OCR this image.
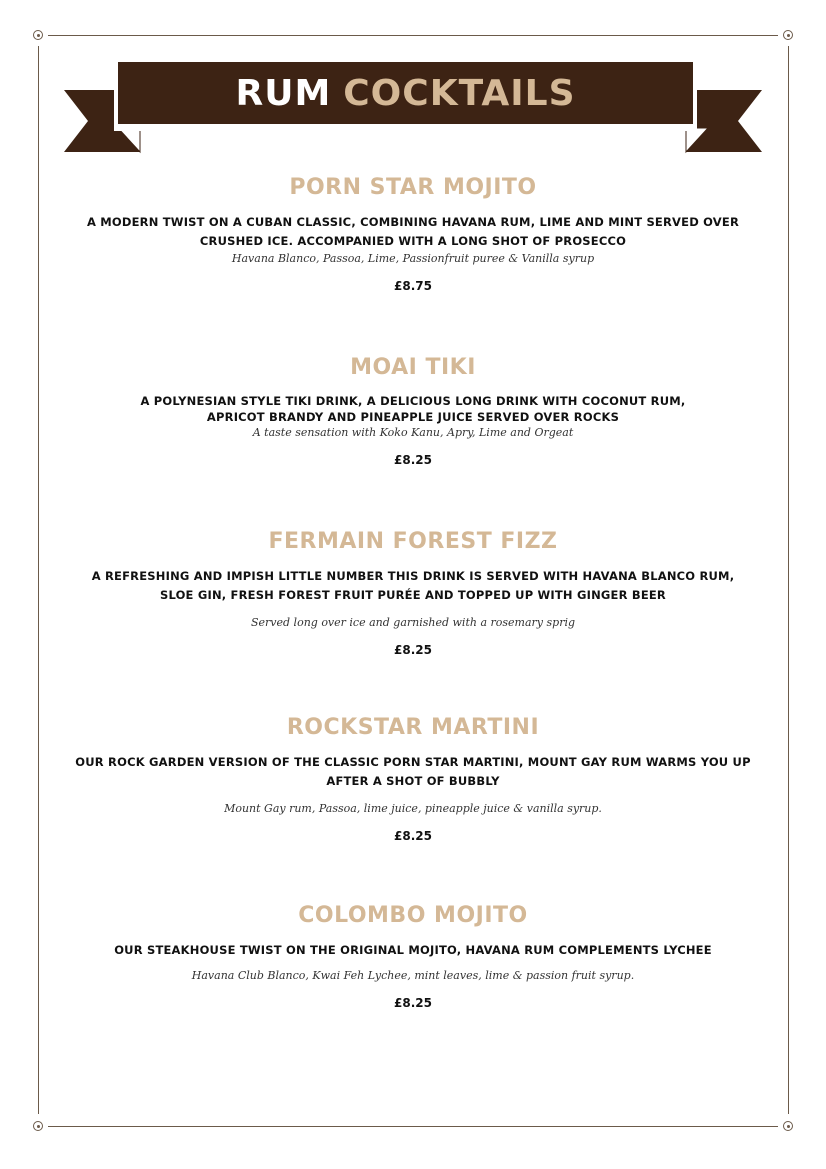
RUM COCKTAILS

PORN STAR MOJITO

A MODERN TWIST ON A CUBAN CLASSIC, COMBINING HAVANA RUM, LIME AND MINT SERVED OVER

CRUSHED ICE. ACCOMPANIED WITH A LONG SHOT OF PROSECCO

Havana Blanco, Passoa, Lime, Passionfruit puree & Vanilla syrup

£8.75

MOAI TIKI

A POLYNESIAN STYLE TIKI DRINK, A DELICIOUS LONG DRINK WITH COCONUT RUM,

APRICOT BRANDY AND PINEAPPLE JUICE SERVED OVER ROCKS

A taste sensation with Koko Kanu, Apry, Lime and Orgeat

£8.25

FERMAIN FOREST FIZZ

A REFRESHING AND IMPISH LITTLE NUMBER THIS DRINK IS SERVED WITH HAVANA BLANCO RUM,

SLOE GIN, FRESH FOREST FRUIT PURÉE AND TOPPED UP WITH GINGER BEER

Served long over ice and garnished with a rosemary sprig

£8.25

ROCKSTAR MARTINI

OUR ROCK GARDEN VERSION OF THE CLASSIC PORN STAR MARTINI, MOUNT GAY RUM WARMS YOU UP

AFTER A SHOT OF BUBBLY

Mount Gay rum, Passoa, lime juice, pineapple juice & vanilla syrup.

£8.25

COLOMBO MOJITO

OUR STEAKHOUSE TWIST ON THE ORIGINAL MOJITO, HAVANA RUM COMPLEMENTS LYCHEE

Havana Club Blanco, Kwai Feh Lychee, mint leaves, lime & passion fruit syrup.

£8.25
